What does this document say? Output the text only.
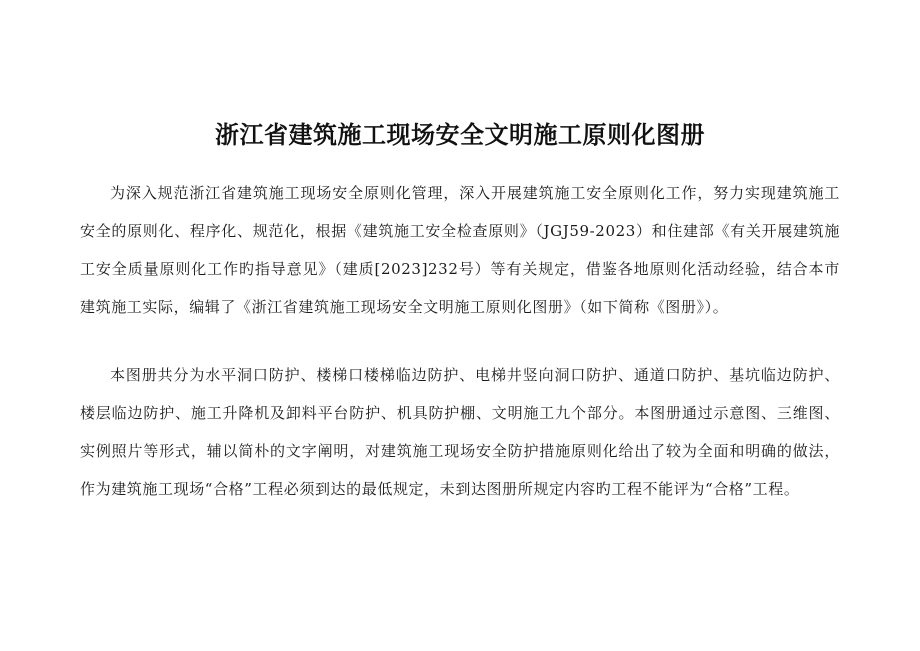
浙江省建筑施工现场安全文明施工原则化图册
为深入规范浙江省建筑施工现场安全原则化管理，深入开展建筑施工安全原则化工作，努力实现建筑施工安全的原则化、程序化、规范化，根据《建筑施工安全检查原则》（JGJ59-2023）和住建部《有关开展建筑施工安全质量原则化工作旳指导意见》（建质[2023]232号）等有关规定，借鉴各地原则化活动经验，结合本市建筑施工实际，编辑了《浙江省建筑施工现场安全文明施工原则化图册》（如下简称《图册》）。
本图册共分为水平洞口防护、楼梯口楼梯临边防护、电梯井竖向洞口防护、通道口防护、基坑临边防护、楼层临边防护、施工升降机及卸料平台防护、机具防护棚、文明施工九个部分。本图册通过示意图、三维图、实例照片等形式，辅以简朴的文字阐明，对建筑施工现场安全防护措施原则化给出了较为全面和明确的做法，作为建筑施工现场“合格”工程必须到达的最低规定，未到达图册所规定内容旳工程不能评为“合格”工程。
